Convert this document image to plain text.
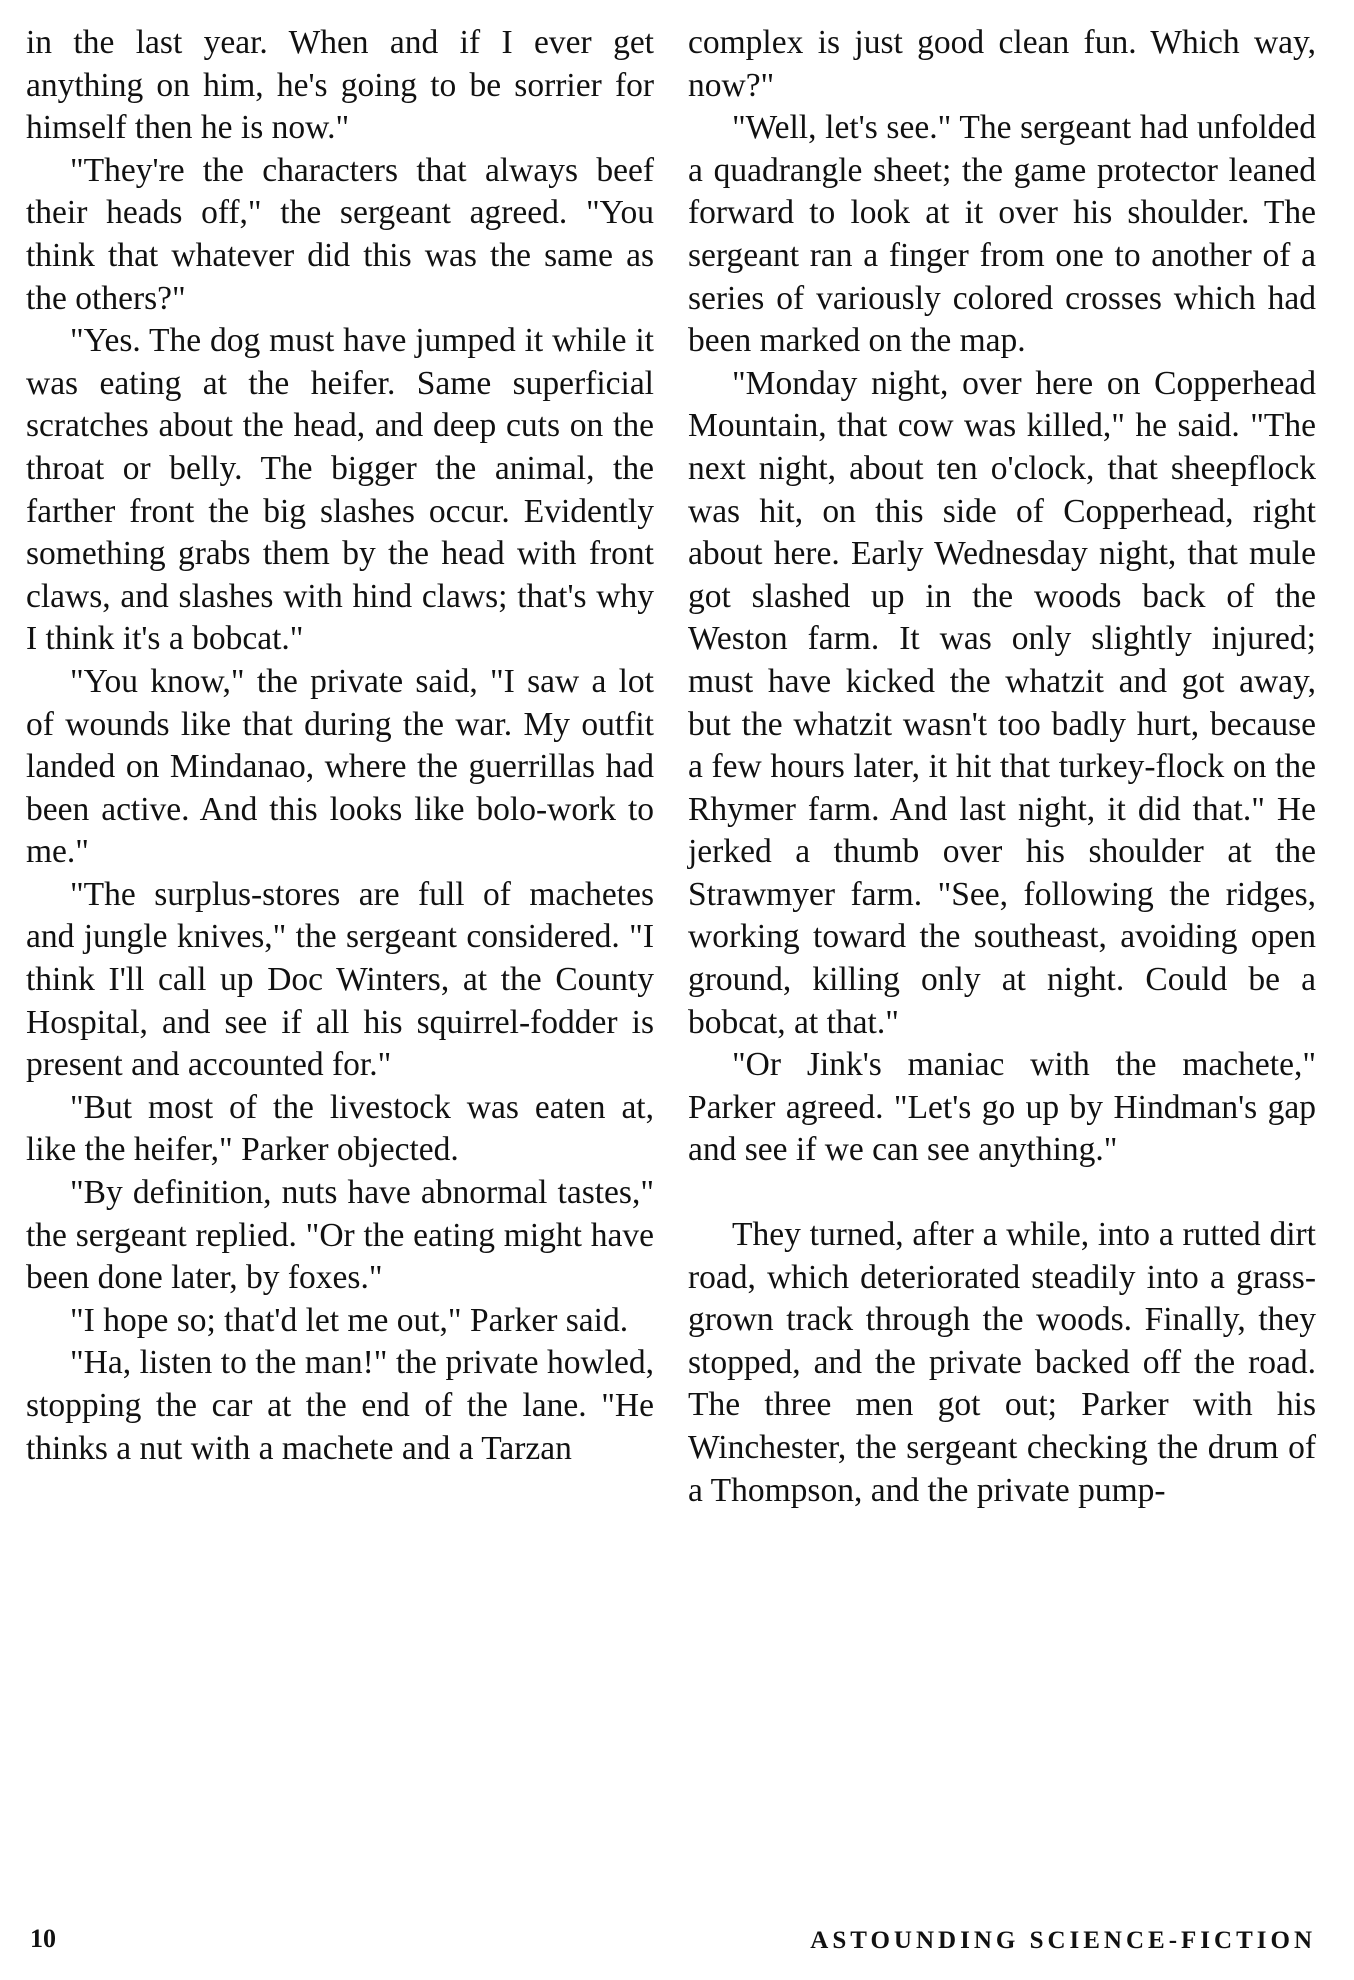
in the last year. When and if I ever get anything on him, he's going to be sorrier for himself then he is now."

"They're the characters that always beef their heads off," the sergeant agreed. "You think that whatever did this was the same as the others?"

"Yes. The dog must have jumped it while it was eating at the heifer. Same superficial scratches about the head, and deep cuts on the throat or belly. The bigger the animal, the farther front the big slashes occur. Evidently something grabs them by the head with front claws, and slashes with hind claws; that's why I think it's a bobcat."

"You know," the private said, "I saw a lot of wounds like that during the war. My outfit landed on Mindanao, where the guerrillas had been active. And this looks like bolo-work to me."

"The surplus-stores are full of machetes and jungle knives," the sergeant considered. "I think I'll call up Doc Winters, at the County Hospital, and see if all his squirrel-fodder is present and accounted for."

"But most of the livestock was eaten at, like the heifer," Parker objected.

"By definition, nuts have abnormal tastes," the sergeant replied. "Or the eating might have been done later, by foxes."

"I hope so; that'd let me out," Parker said.

"Ha, listen to the man!" the private howled, stopping the car at the end of the lane. "He thinks a nut with a machete and a Tarzan

complex is just good clean fun. Which way, now?"

"Well, let's see." The sergeant had unfolded a quadrangle sheet; the game protector leaned forward to look at it over his shoulder. The sergeant ran a finger from one to another of a series of variously colored crosses which had been marked on the map.

"Monday night, over here on Copperhead Mountain, that cow was killed," he said. "The next night, about ten o'clock, that sheepflock was hit, on this side of Copperhead, right about here. Early Wednesday night, that mule got slashed up in the woods back of the Weston farm. It was only slightly injured; must have kicked the whatzit and got away, but the whatzit wasn't too badly hurt, because a few hours later, it hit that turkey-flock on the Rhymer farm. And last night, it did that." He jerked a thumb over his shoulder at the Strawmyer farm. "See, following the ridges, working toward the southeast, avoiding open ground, killing only at night. Could be a bobcat, at that."

"Or Jink's maniac with the machete," Parker agreed. "Let's go up by Hindman's gap and see if we can see anything."

They turned, after a while, into a rutted dirt road, which deteriorated steadily into a grass-grown track through the woods. Finally, they stopped, and the private backed off the road. The three men got out; Parker with his Winchester, the sergeant checking the drum of a Thompson, and the private pump-

10	ASTOUNDING SCIENCE-FICTION
